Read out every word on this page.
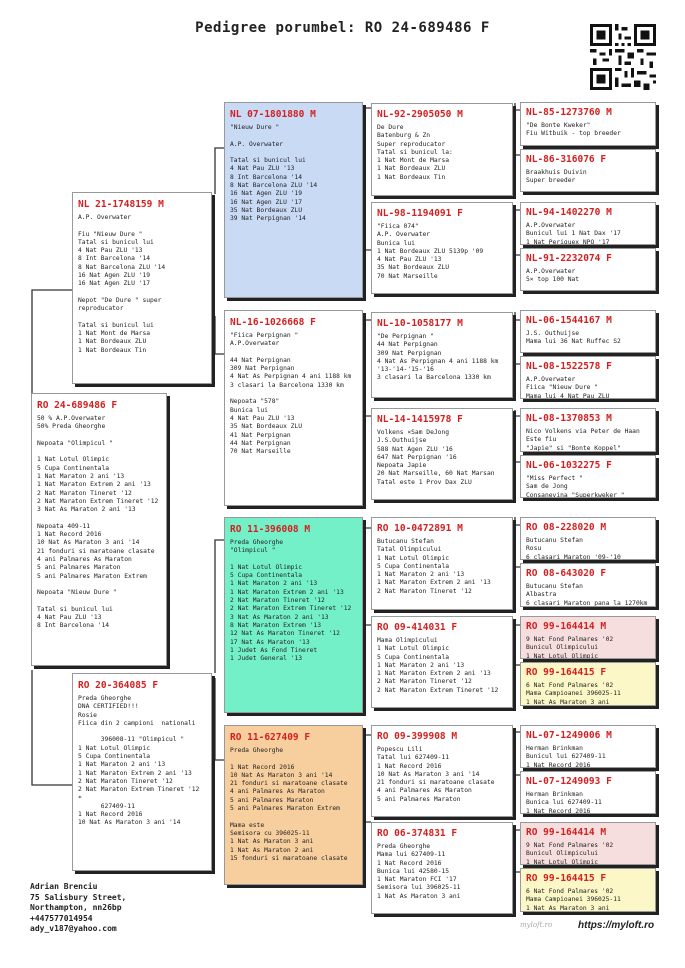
Pedigree porumbel: RO 24-689486 F
RO 24-689486 F
50 % A.P.Overwater
50% Preda Gheorghe

Nepoata "Olimpicul "

1 Nat Lotul Olimpic
5 Cupa Continentala
1 Nat Maraton 2 ani '13
1 Nat Maraton Extrem 2 ani '13
2 Nat Maraton Tineret '12
2 Nat Maraton Extrem Tineret '12
3 Nat As Maraton 2 ani '13

Nepoata 409-11
1 Nat Record 2016
10 Nat As Maraton 3 ani '14
21 fonduri si maratoane clasate
4 ani Palmares As Maraton
5 ani Palmares Maraton
5 ani Palmares Maraton Extrem

Nepoata "Nieuw Dure "

Tatal si bunicul lui
4 Nat Pau ZLU '13
8 Int Barcelona '14
NL 21-1748159 M
A.P. Overwater

Fiu "Nieuw Dure "
Tatal si bunicul lui
4 Nat Pau ZLU '13
8 Int Barcelona '14
8 Nat Barcelona ZLU '14
16 Nat Agen ZLU '19
16 Nat Agen ZLU '17

Nepot "De Dure " super
reproducator

Tatal si bunicul lui
1 Nat Mont de Marsa
1 Nat Bordeaux ZLU
1 Nat Bordeaux Tin
RO 20-364085 F
Preda Gheorghe
DNA CERTIFIED!!!
Rosie
Fiica din 2 campioni  nationali

396008-11 "Olimpicul "
1 Nat Lotul Olimpic
5 Cupa Continentala
1 Nat Maraton 2 ani '13
1 Nat Maraton Extrem 2 ani '13
2 Nat Maraton Tineret '12
2 Nat Maraton Extrem Tineret '12
*
627409-11
1 Nat Record 2016
10 Nat As Maraton 3 ani '14
NL 07-1801880 M
"Nieuw Dure "

A.P. Overwater

Tatal si bunicul lui
4 Nat Pau ZLU '13
8 Int Barcelona '14
8 Nat Barcelona ZLU '14
16 Nat Agen ZLU '19
16 Nat Agen ZLU '17
35 Nat Bordeaux ZLU
39 Nat Perpignan '14
NL-16-1026668 F
"Fiica Perpignan "
A.P.Overwater

44 Nat Perpignan
309 Nat Perpignan
4 Nat As Perpignan 4 ani 1188 km
3 clasari la Barcelona 1330 km

Nepoata "578"
Bunica lui
4 Nat Pau ZLU '13
35 Nat Bordeaux ZLU
41 Nat Perpignan
44 Nat Perpignan
70 Nat Marseille
RO 11-396008 M
Preda Gheorghe
"Olimpicul "

1 Nat Lotul Olimpic
5 Cupa Continentala
1 Nat Maraton 2 ani '13
1 Nat Maraton Extrem 2 ani '13
2 Nat Maraton Tineret '12
2 Nat Maraton Extrem Tineret '12
3 Nat As Maraton 2 ani '13
8 Nat Maraton Extrem '13
12 Nat As Maraton Tineret '12
17 Nat As Maraton '13
1 Judet As Fond Tineret
1 Judet General '13
RO 11-627409 F
Preda Gheorghe

1 Nat Record 2016
10 Nat As Maraton 3 ani '14
21 fonduri si maratoane clasate
4 ani Palmares As Maraton
5 ani Palmares Maraton
5 ani Palmares Maraton Extrem

Mama este
Semisora cu 396025-11
1 Nat As Maraton 3 ani
1 Nat As Maraton 2 ani
15 fonduri si maratoane clasate
NL-92-2905050 M
De Dure
Batenburg & Zn
Super reproducator
Tatal si bunicul la:
1 Nat Mont de Marsa
1 Nat Bordeaux ZLU
1 Nat Bordeaux Tin
NL-98-1194091 F
"Fiica 074"
A.P. Overwater
Bunica lui
1 Nat Bordeaux ZLU 5139p '09
4 Nat Pau ZLU '13
35 Nat Bordeaux ZLU
70 Nat Marseille
NL-10-1058177 M
"De Perpignan "
44 Nat Perpignan
309 Nat Perpignan
4 Nat As Perpignan 4 ani 1188 km
'13-'14-'15-'16
3 clasari la Barcelona 1330 km
NL-14-1415978 F
Volkens ×Sam DeJong
J.S.Outhuijse
588 Nat Agen ZLU '16
647 Nat Perpignan '16
Nepoata Japie
20 Nat Marseille, 60 Nat Marsan
Tatal este 1 Prov Dax ZLU
RO 10-0472891 M
Butucanu Stefan
Tatal Olimpicului
1 Nat Lotul Olimpic
5 Cupa Continentala
1 Nat Maraton 2 ani '13
1 Nat Maraton Extrem 2 ani '13
2 Nat Maraton Tineret '12
RO 09-414031 F
Mama Olimpicului
1 Nat Lotul Olimpic
5 Cupa Continentala
1 Nat Maraton 2 ani '13
1 Nat Maraton Extrem 2 ani '13
2 Nat Maraton Tineret '12
2 Nat Maraton Extrem Tineret '12
RO 09-399908 M
Popescu Lili
Tatal lui 627409-11
1 Nat Record 2016
10 Nat As Maraton 3 ani '14
21 fonduri si maratoane clasate
4 ani Palmares As Maraton
5 ani Palmares Maraton
RO 06-374831 F
Preda Gheorghe
Mama lui 627409-11
1 Nat Record 2016
Bunica lui 42580-15
1 Nat Maraton FCI '17
Semisora lui 396025-11
1 Nat As Maraton 3 ani
NL-85-1273760 M
"De Bonte Kweker"
Fiu Witbuik - top breeder
NL-86-316076 F
Braakhuis Duivin
Super breeder
NL-94-1402270 M
A.P.Overwater
Bunicul lui 1 Nat Dax '17
1 Nat Periguex NPO '17
NL-91-2232074 F
A.P.Overwater
5× top 100 Nat
NL-06-1544167 M
J.S. Outhuijse
Mama lui 36 Nat Ruffec S2
NL-08-1522578 F
A.P.Overwater
Fiica "Nieuw Dure "
Mama lui 4 Nat Pau ZLU
NL-08-1370853 M
Nico Volkens via Peter de Haan
Este fiu
"Japie" si "Bonte Koppel"
NL-06-1032275 F
"Miss Perfect "
Sam de Jong
Consanevina "Superkweker "
RO 08-228020 M
Butucanu Stefan
Rosu
6 clasari Maraton '09-'10
RO 08-643020 F
Butucanu Stefan
Albastra
6 clasari Maraton pana la 1270km
RO 99-164414 M
9 Nat Fond Palmares '02
Bunicul Olimpicului
1 Nat Lotul Olimpic
RO 99-164415 F
6 Nat Fond Palmares '02
Mama Campioanei 396025-11
1 Nat As Maraton 3 ani
NL-07-1249006 M
Herman Brinkman
Bunicul lui 627409-11
1 Nat Record 2016
NL-07-1249093 F
Herman Brinkman
Bunica lui 627409-11
1 Nat Record 2016
RO 99-164414 M
9 Nat Fond Palmares '02
Bunicul Olimpicului
1 Nat Lotul Olimpic
RO 99-164415 F
6 Nat Fond Palmares '02
Mama Campioanei 396025-11
1 Nat As Maraton 3 ani
Adrian Brenciu
75 Salisbury Street,
Northampton, nn26bp
+447577014954
ady_v187@yahoo.com	myloft.ro	https://myloft.ro
